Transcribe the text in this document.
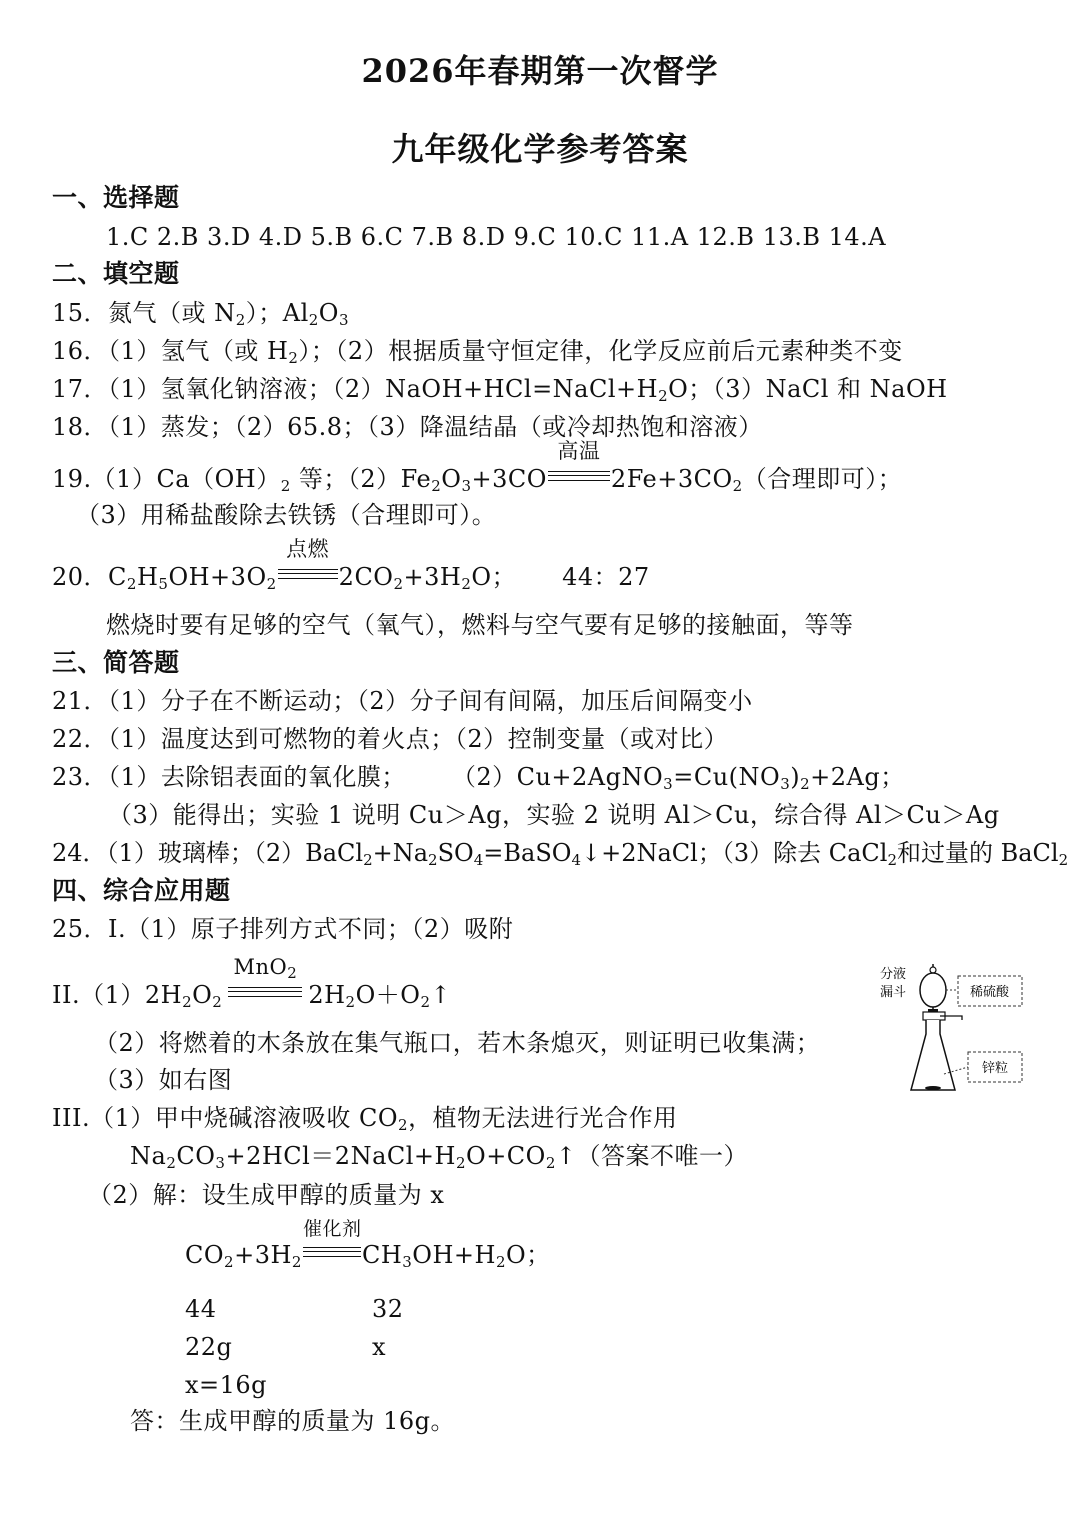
2026年春期第一次督学
九年级化学参考答案
一、选择题
1.C 2.B 3.D 4.D 5.B 6.C 7.B 8.D 9.C 10.C 11.A 12.B 13.B 14.A
二、填空题
15．氮气（或 $N_2$）；$Al_2O_3$
16．（1）氢气（或 $H_2$）；（2）根据质量守恒定律，化学反应前后元素种类不变
17．（1）氢氧化钠溶液；$(2)NaOH+HCl=NaCl+H_2O$；（3）NaCl 和 NaOH
18．（1）蒸发；（2）65.8；（3）降温结晶（或冷却热饱和溶液）
$19.(1)Ca(OH)_2$ 等；$(2)Fe_2O_3+3CO$
高温
$2Fe+3CO_2$（合理即可）；
（3）用稀盐酸除去铁锈（合理即可）。
20．$C_2H_5OH+3O_2$
点燃
$2CO_2+3H_2O$； 44：27
燃烧时要有足够的空气（氧气），燃料与空气要有足够的接触面，等等
三、简答题
21．（1）分子在不断运动；（2）分子间有间隔，加压后间隔变小
22．（1）温度达到可燃物的着火点；（2）控制变量（或对比）
23．（1）去除铝表面的氧化膜； $(2)Cu+2AgNO_3=Cu(NO_3)_2+2Ag$；
（3）能得出；实验 1 说明 Cu＞Ag，实验 2 说明 Al＞Cu，综合得 Al＞Cu＞Ag
24．（1）玻璃棒；$(2)BaCl_2+Na_2SO_4=BaSO_4↓+2NaCl$；（3）除去 CaCl$_2$和过量的 BaCl$_2$
四、综合应用题
25．I.（1）原子排列方式不同；（2）吸附
$II.(1)2H_2O_2$
MnO$_2$
$2H_2O+O_2↑$
（2）将燃着的木条放在集气瓶口，若木条熄灭，则证明已收集满；
（3）如右图
III.（1）甲中烧碱溶液吸收 $CO_2$，植物无法进行光合作用
$Na_2CO_3+2HCl=2NaCl+H_2O+CO_2↑$（答案不唯一）
（2）解：设生成甲醇的质量为 x
$CO_2+3H_2$
催化剂
$CH_3OH+H_2O$；
44	32
22g	x
x=16g
答：生成甲醇的质量为 16g。
分液
漏斗	稀硫酸
锌粒
